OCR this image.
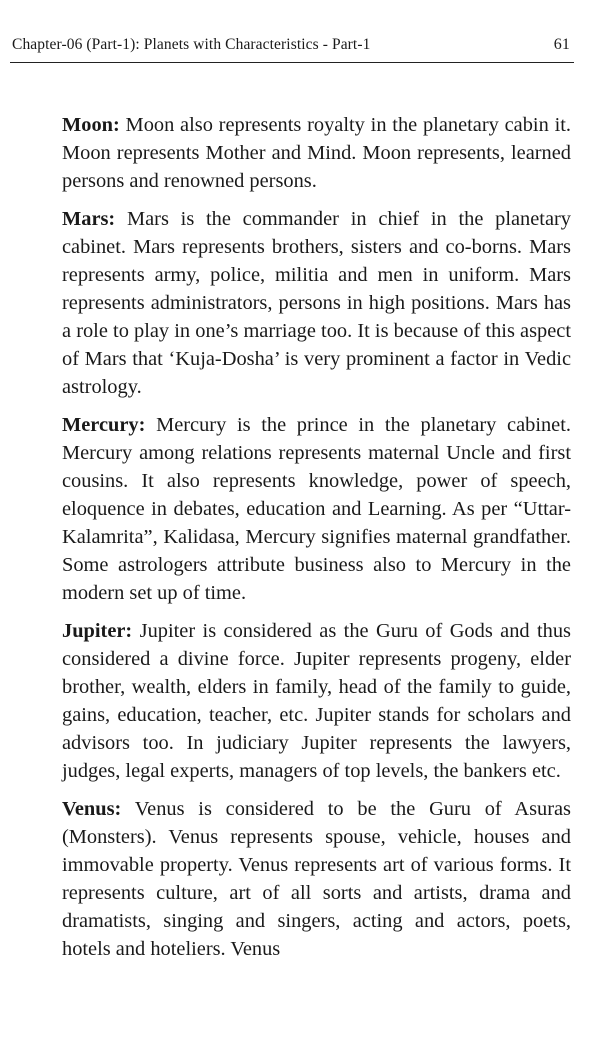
Chapter-06 (Part-1): Planets with Characteristics - Part-1	61

Moon: Moon also represents royalty in the planetary cabin it. Moon represents Mother and Mind. Moon represents, learned persons and renowned persons.

Mars: Mars is the commander in chief in the planetary cabinet. Mars represents brothers, sisters and co-borns. Mars represents army, police, militia and men in uniform. Mars represents administrators, persons in high positions. Mars has a role to play in one’s marriage too. It is because of this aspect of Mars that ‘Kuja-Dosha’ is very prominent a factor in Vedic astrology.

Mercury: Mercury is the prince in the planetary cabinet. Mercury among relations represents maternal Uncle and first cousins. It also represents knowledge, power of speech, eloquence in debates, education and Learning. As per “Uttar-Kalamrita”, Kalidasa, Mercury signifies maternal grandfather. Some astrologers attribute business also to Mercury in the modern set up of time.

Jupiter: Jupiter is considered as the Guru of Gods and thus considered a divine force. Jupiter represents progeny, elder brother, wealth, elders in family, head of the family to guide, gains, education, teacher, etc. Jupiter stands for scholars and advisors too. In judiciary Jupiter represents the lawyers, judges, legal experts, managers of top levels, the bankers etc.

Venus: Venus is considered to be the Guru of Asuras (Monsters). Venus represents spouse, vehicle, houses and immovable property. Venus represents art of various forms. It represents culture, art of all sorts and artists, drama and dramatists, singing and singers, acting and actors, poets, hotels and hoteliers. Venus
